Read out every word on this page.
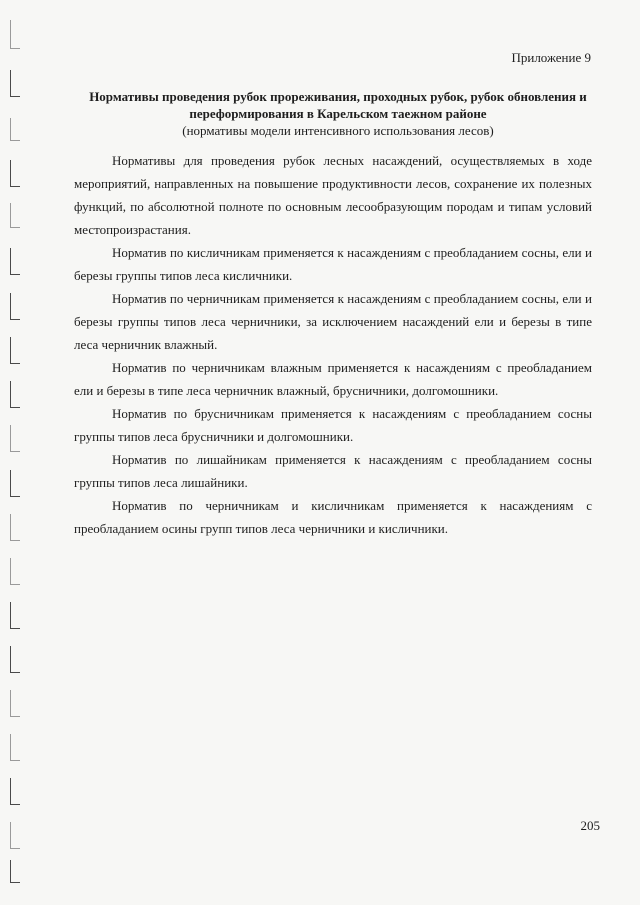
Приложение 9
Нормативы проведения рубок прореживания, проходных рубок, рубок обновления и переформирования в Карельском таежном районе
(нормативы модели интенсивного использования лесов)

Нормативы для проведения рубок лесных насаждений, осуществляемых в ходе мероприятий, направленных на повышение продуктивности лесов, сохранение их полезных функций, по абсолютной полноте по основным лесообразующим породам и типам условий местопроизрастания.

Норматив по кисличникам применяется к насаждениям с преобладанием сосны, ели и березы группы типов леса кисличники.

Норматив по черничникам применяется к насаждениям с преобладанием сосны, ели и березы группы типов леса черничники, за исключением насаждений ели и березы в типе леса черничник влажный.

Норматив по черничникам влажным применяется к насаждениям с преобладанием ели и березы в типе леса черничник влажный, брусничники, долгомошники.

Норматив по брусничникам применяется к насаждениям с преобладанием сосны группы типов леса брусничники и долгомошники.

Норматив по лишайникам применяется к насаждениям с преобладанием сосны группы типов леса лишайники.

Норматив по черничникам и кисличникам применяется к насаждениям с преобладанием осины групп типов леса черничники и кисличники.

205
